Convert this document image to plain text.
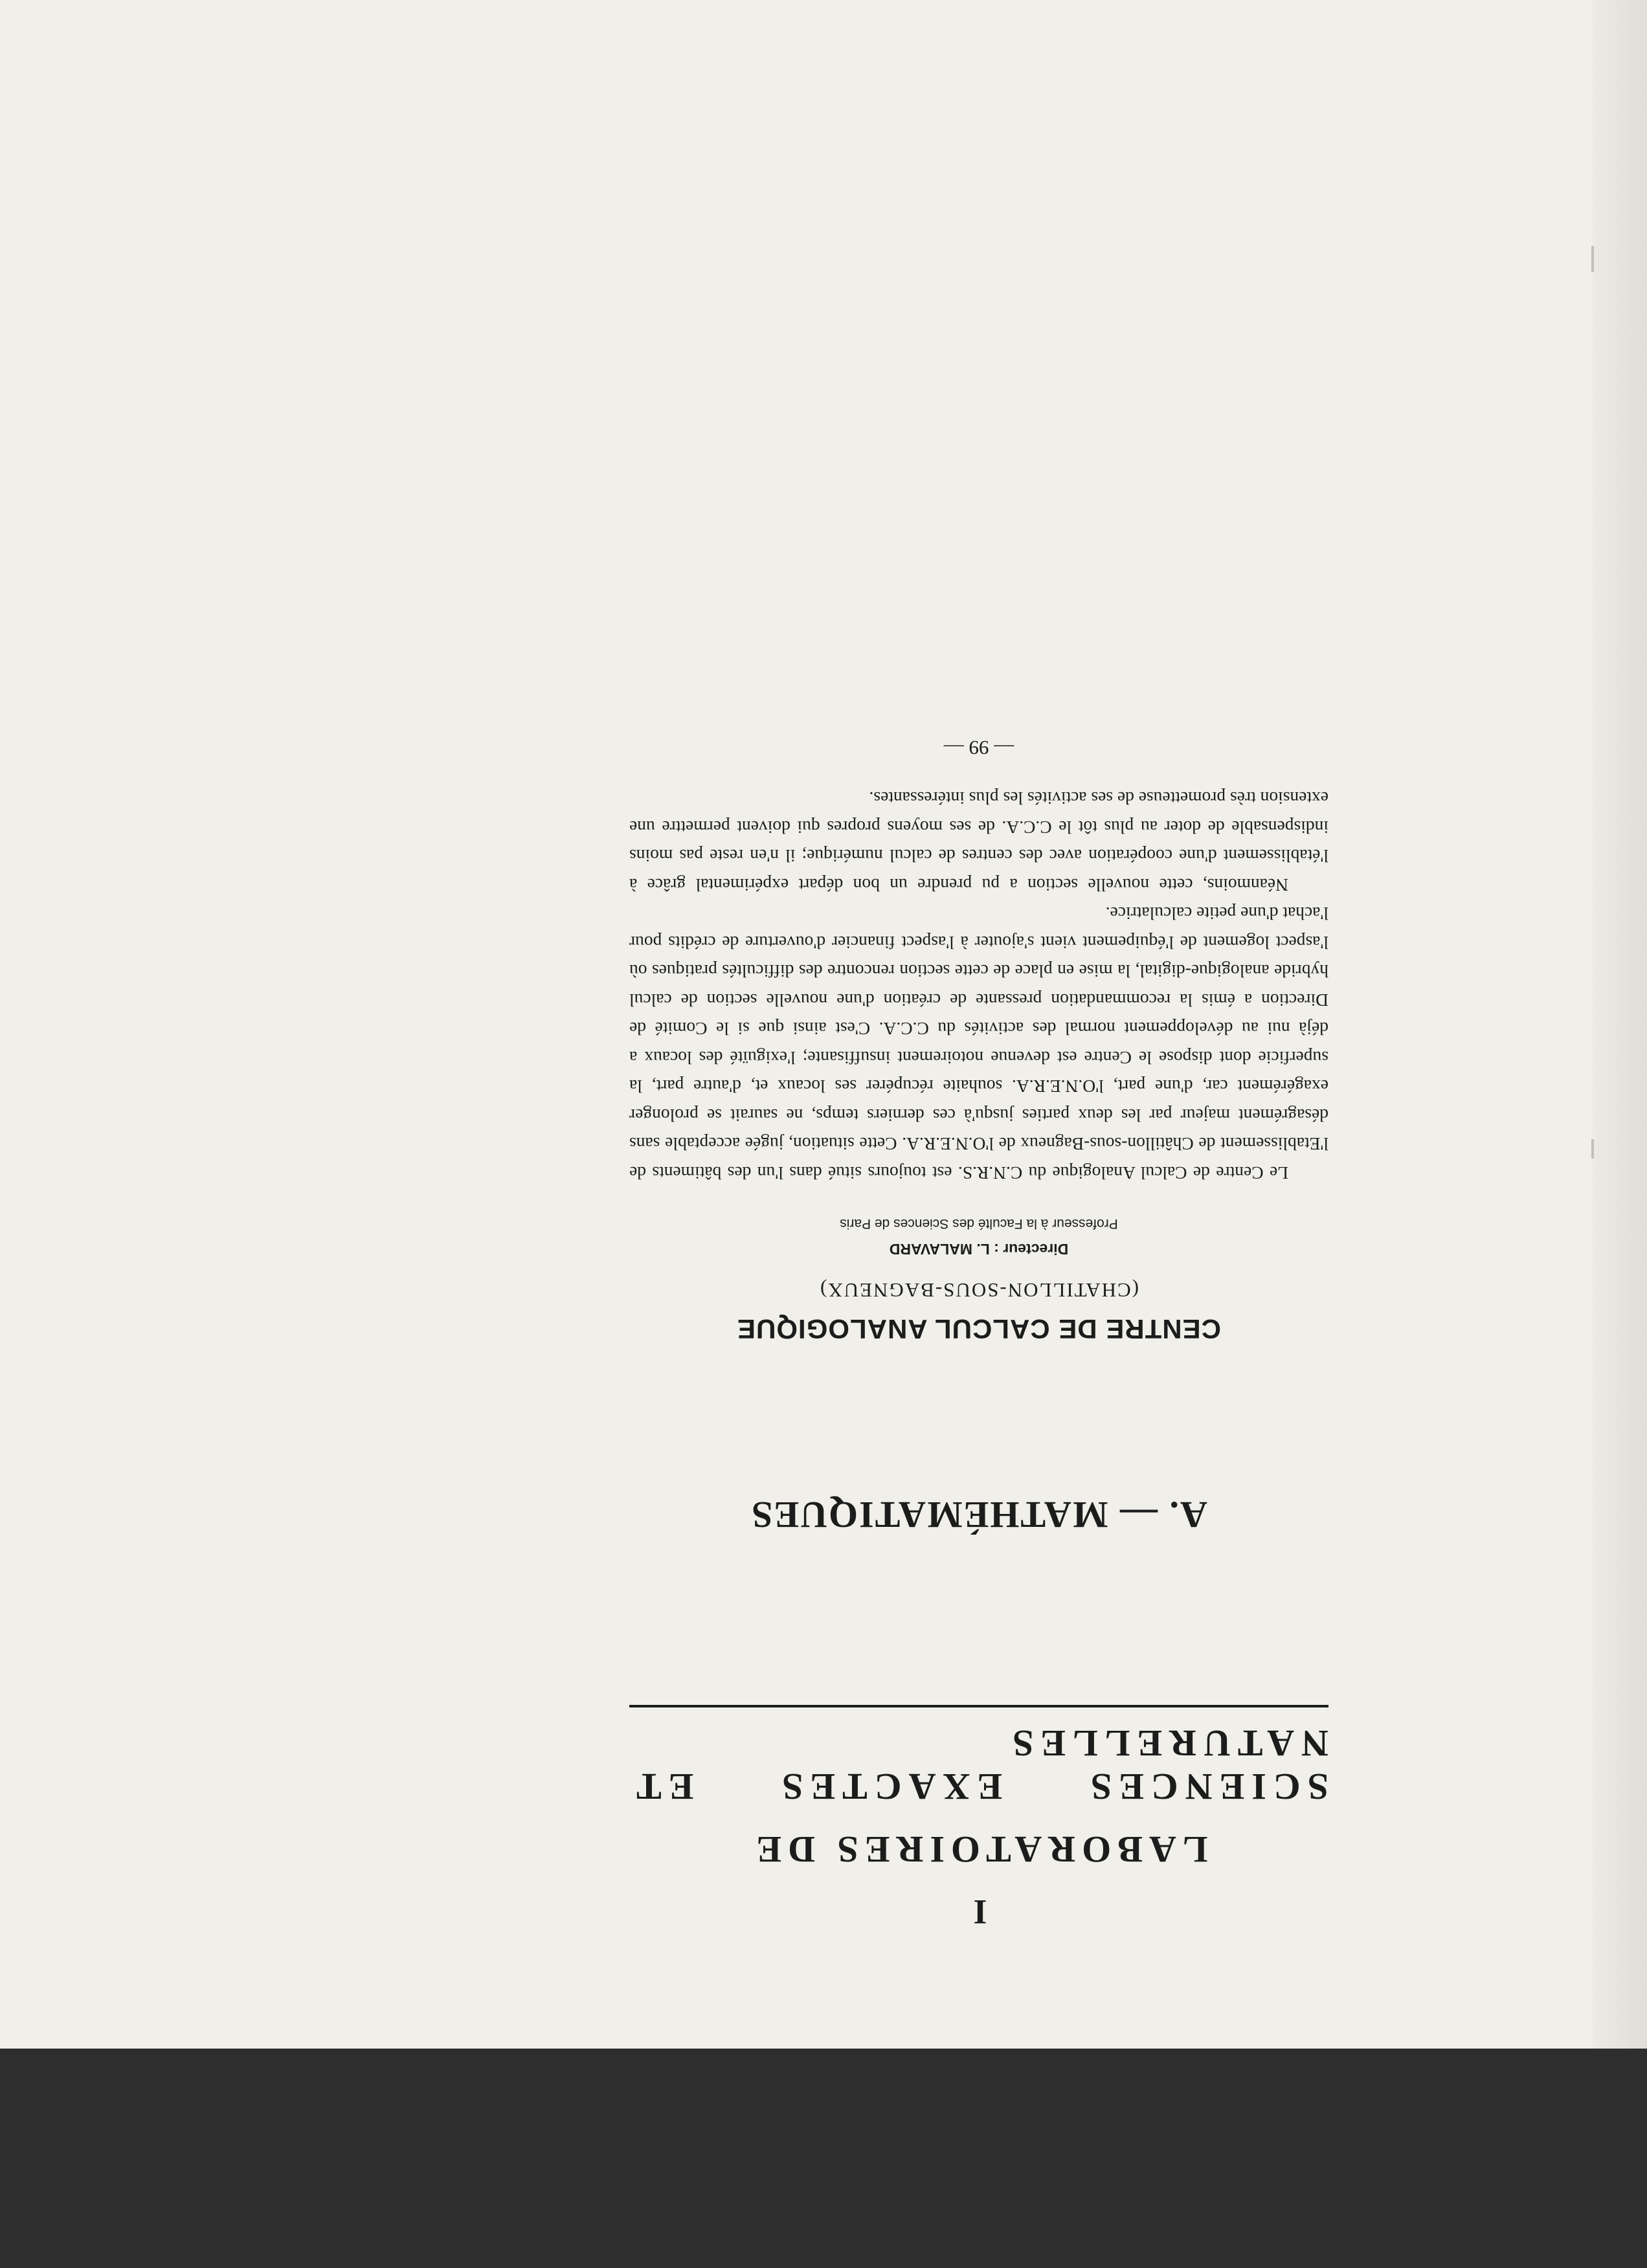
I
LABORATOIRES DE
SCIENCES EXACTES ET NATURELLES
A. — MATHÉMATIQUES
CENTRE DE CALCUL ANALOGIQUE
(CHATILLON-SOUS-BAGNEUX)
Directeur : L. MALAVARD
Professeur à la Faculté des Sciences de Paris

Le Centre de Calcul Analogique du C.N.R.S. est toujours situé dans l'un des bâtiments de l'Etablissement de Châtillon-sous-Bagneux de l'O.N.E.R.A. Cette situation, jugée acceptable sans désagrément majeur par les deux parties jusqu'à ces derniers temps, ne saurait se prolonger exagérément car, d'une part, l'O.N.E.R.A. souhaite récupérer ses locaux et, d'autre part, la superficie dont dispose le Centre est devenue notoirement insuffisante; l'exiguïté des locaux a déjà nui au développement normal des activités du C.C.A. C'est ainsi que si le Comité de Direction a émis la recommandation pressante de création d'une nouvelle section de calcul hybride analogique-digital, la mise en place de cette section rencontre des difficultés pratiques où l'aspect logement de l'équipement vient s'ajouter à l'aspect financier d'ouverture de crédits pour l'achat d'une petite calculatrice.

Néanmoins, cette nouvelle section a pu prendre un bon départ expérimental grâce à l'établissement d'une coopération avec des centres de calcul numérique; il n'en reste pas moins indispensable de doter au plus tôt le C.C.A. de ses moyens propres qui doivent permettre une extension très prometteuse de ses activités les plus intéressantes.

— 99 —
